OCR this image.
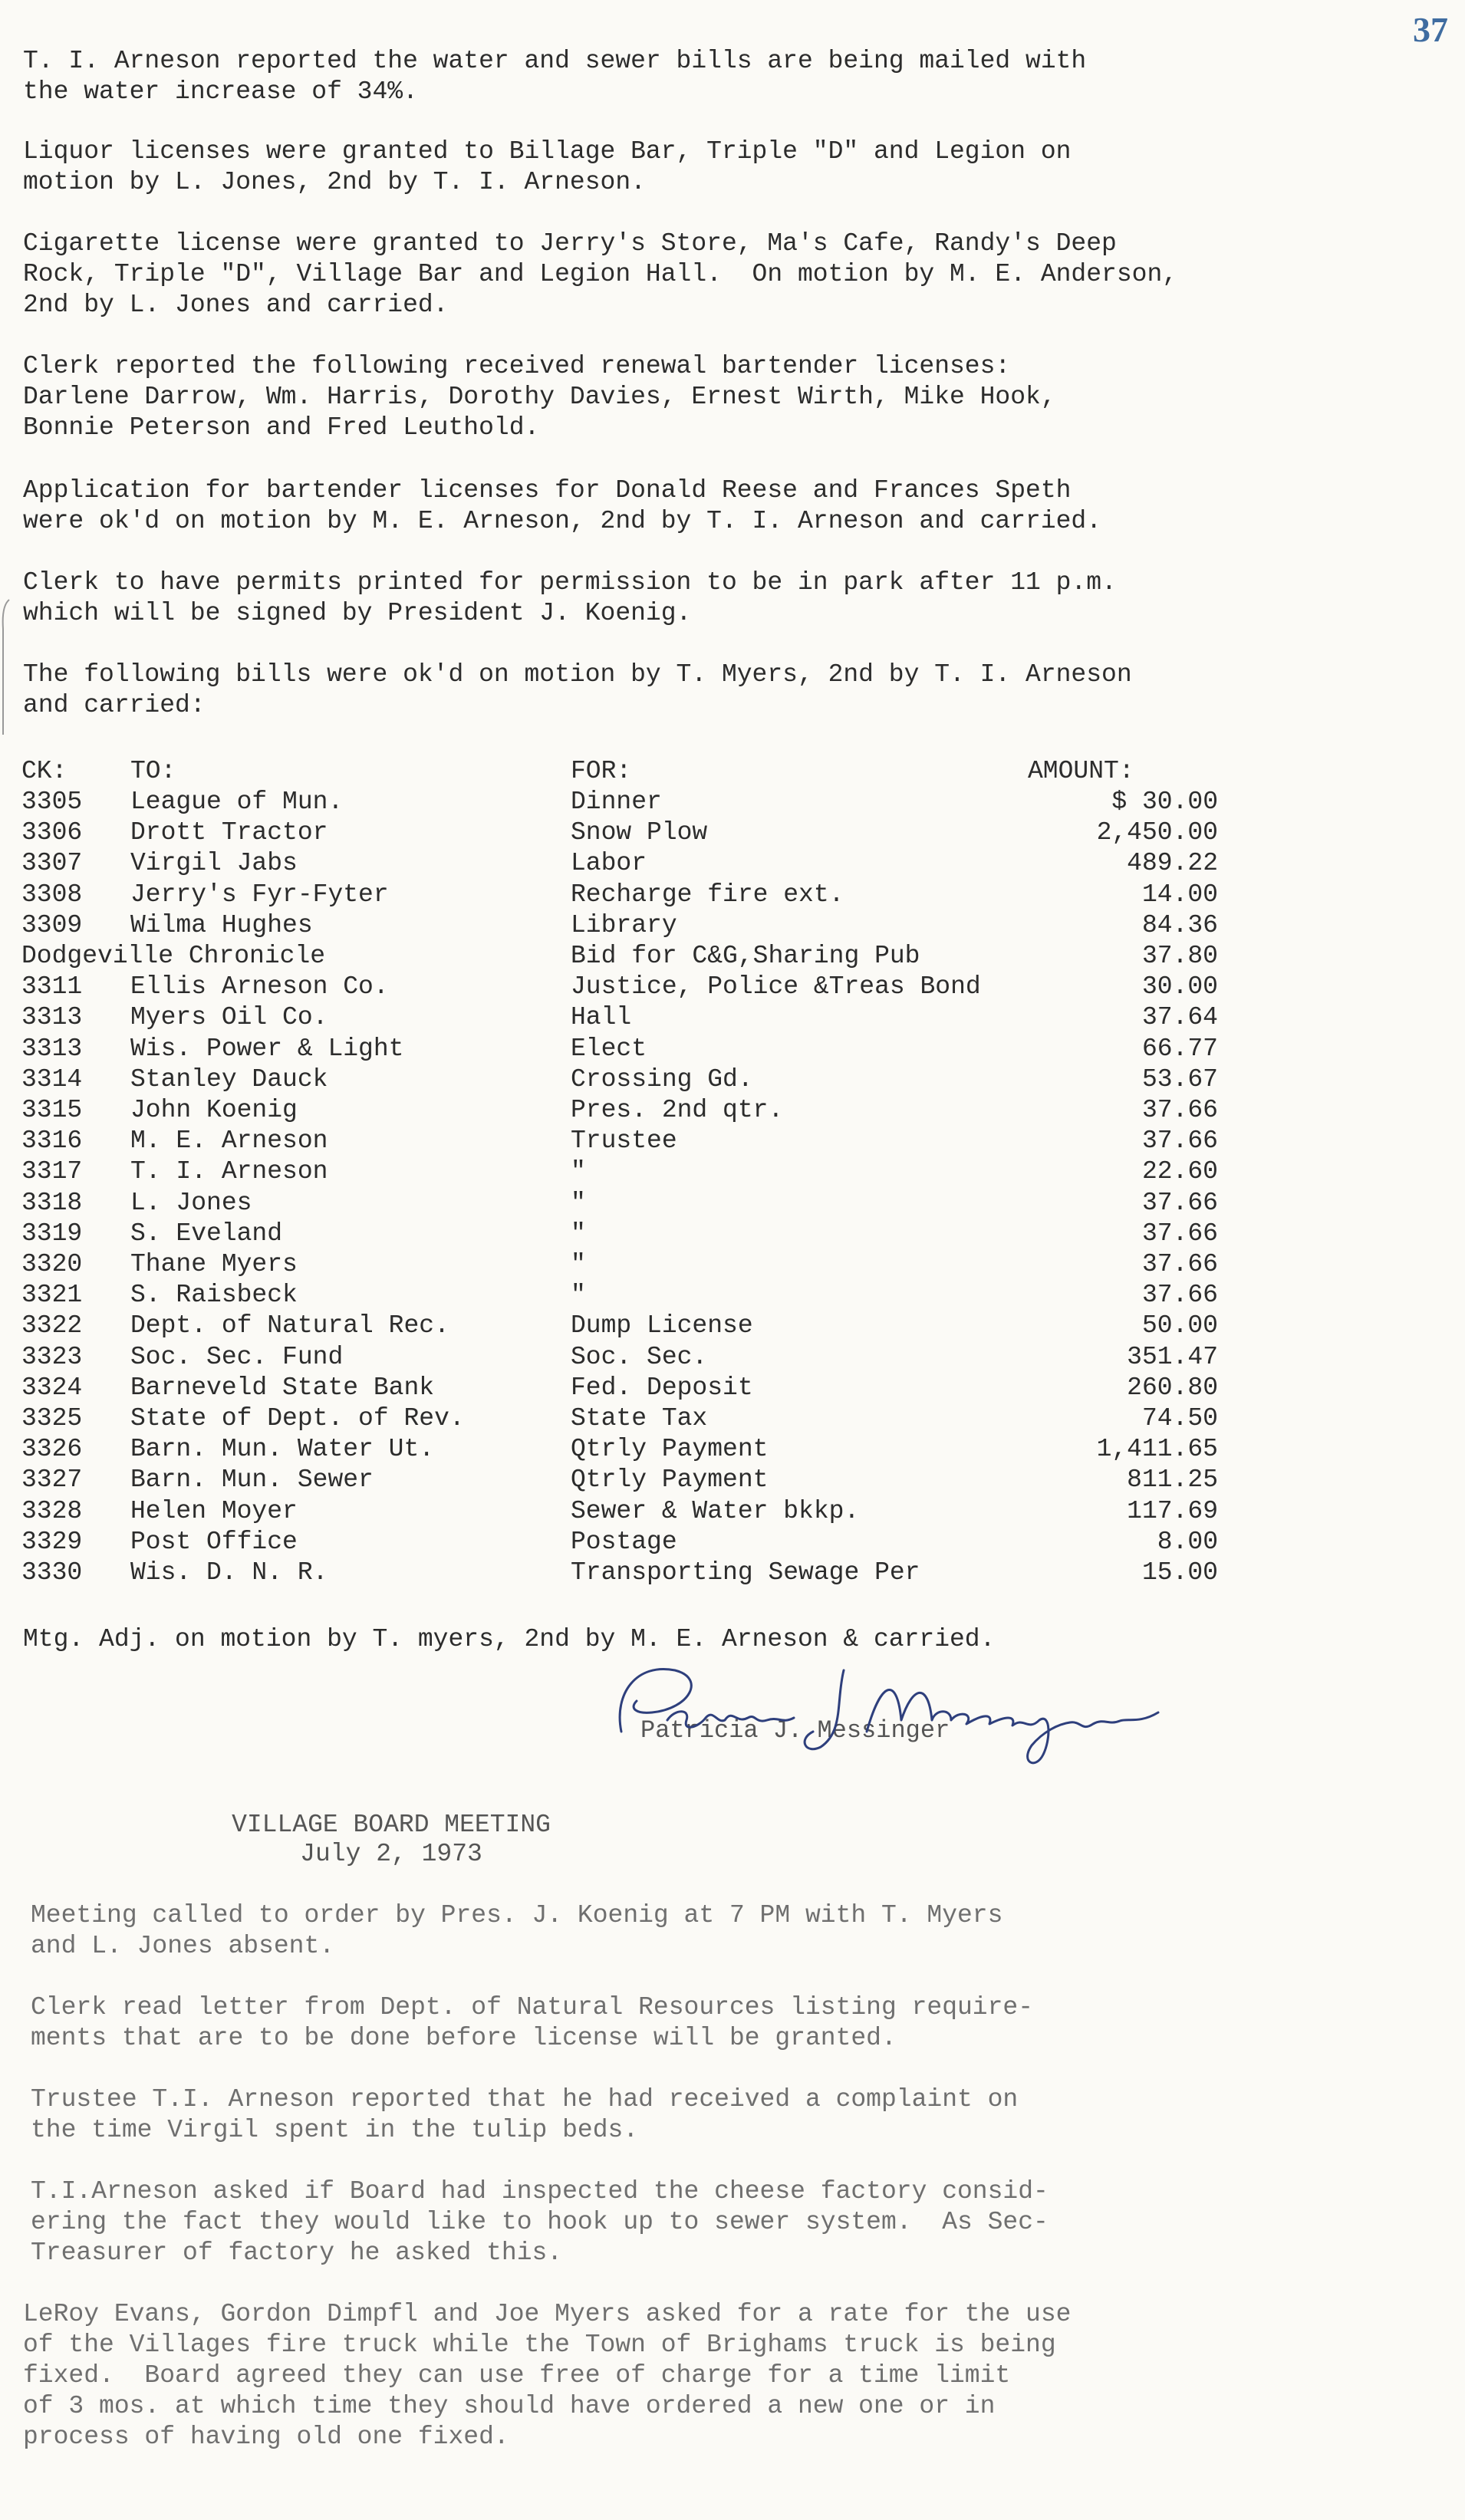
37

T. I. Arneson reported the water and sewer bills are being mailed with
the water increase of 34%.

Liquor licenses were granted to Billage Bar, Triple "D" and Legion on
motion by L. Jones, 2nd by T. I. Arneson.

Cigarette license were granted to Jerry's Store, Ma's Cafe, Randy's Deep
Rock, Triple "D", Village Bar and Legion Hall.  On motion by M. E. Anderson,
2nd by L. Jones and carried.

Clerk reported the following received renewal bartender licenses:
Darlene Darrow, Wm. Harris, Dorothy Davies, Ernest Wirth, Mike Hook,
Bonnie Peterson and Fred Leuthold.

Application for bartender licenses for Donald Reese and Frances Speth
were ok'd on motion by M. E. Arneson, 2nd by T. I. Arneson and carried.

Clerk to have permits printed for permission to be in park after 11 p.m.
which will be signed by President J. Koenig.

The following bills were ok'd on motion by T. Myers, 2nd by T. I. Arneson
and carried:

CK:	TO:	FOR:	AMOUNT:
3305 League of Mun.	Dinner	$ 30.00
3306 Drott Tractor	Snow Plow	2,450.00
3307 Virgil Jabs	Labor	489.22
3308 Jerry's Fyr-Fyter	Recharge fire ext.	14.00
3309 Wilma Hughes	Library	84.36
Dodgeville Chronicle	Bid for C&G,Sharing Pub	37.80
3311 Ellis Arneson Co.	Justice, Police &Treas Bond	30.00
3313 Myers Oil Co.	Hall	37.64
3313 Wis. Power & Light	Elect	66.77
3314 Stanley Dauck	Crossing Gd.	53.67
3315 John Koenig	Pres. 2nd qtr.	37.66
3316 M. E. Arneson	Trustee	37.66
3317 T. I. Arneson	"	22.60
3318 L. Jones	"	37.66
3319 S. Eveland	"	37.66
3320 Thane Myers	"	37.66
3321 S. Raisbeck	"	37.66
3322 Dept. of Natural Rec.	Dump License	50.00
3323 Soc. Sec. Fund	Soc. Sec.	351.47
3324 Barneveld State Bank	Fed. Deposit	260.80
3325 State of Dept. of Rev.	State Tax	74.50
3326 Barn. Mun. Water Ut.	Qtrly Payment	1,411.65
3327 Barn. Mun. Sewer	Qtrly Payment	811.25
3328 Helen Moyer	Sewer & Water bkkp.	117.69
3329 Post Office	Postage	8.00
3330 Wis. D. N. R.	Transporting Sewage Per	15.00

Mtg. Adj. on motion by T. myers, 2nd by M. E. Arneson & carried.

Patricia J. Messinger
VILLAGE BOARD MEETING
July 2, 1973

Meeting called to order by Pres. J. Koenig at 7 PM with T. Myers
and L. Jones absent.

Clerk read letter from Dept. of Natural Resources listing require-
ments that are to be done before license will be granted.

Trustee T.I. Arneson reported that he had received a complaint on
the time Virgil spent in the tulip beds.

T.I.Arneson asked if Board had inspected the cheese factory consid-
ering the fact they would like to hook up to sewer system.  As Sec-
Treasurer of factory he asked this.

LeRoy Evans, Gordon Dimpfl and Joe Myers asked for a rate for the use
of the Villages fire truck while the Town of Brighams truck is being
fixed.  Board agreed they can use free of charge for a time limit
of 3 mos. at which time they should have ordered a new one or in
process of having old one fixed.
